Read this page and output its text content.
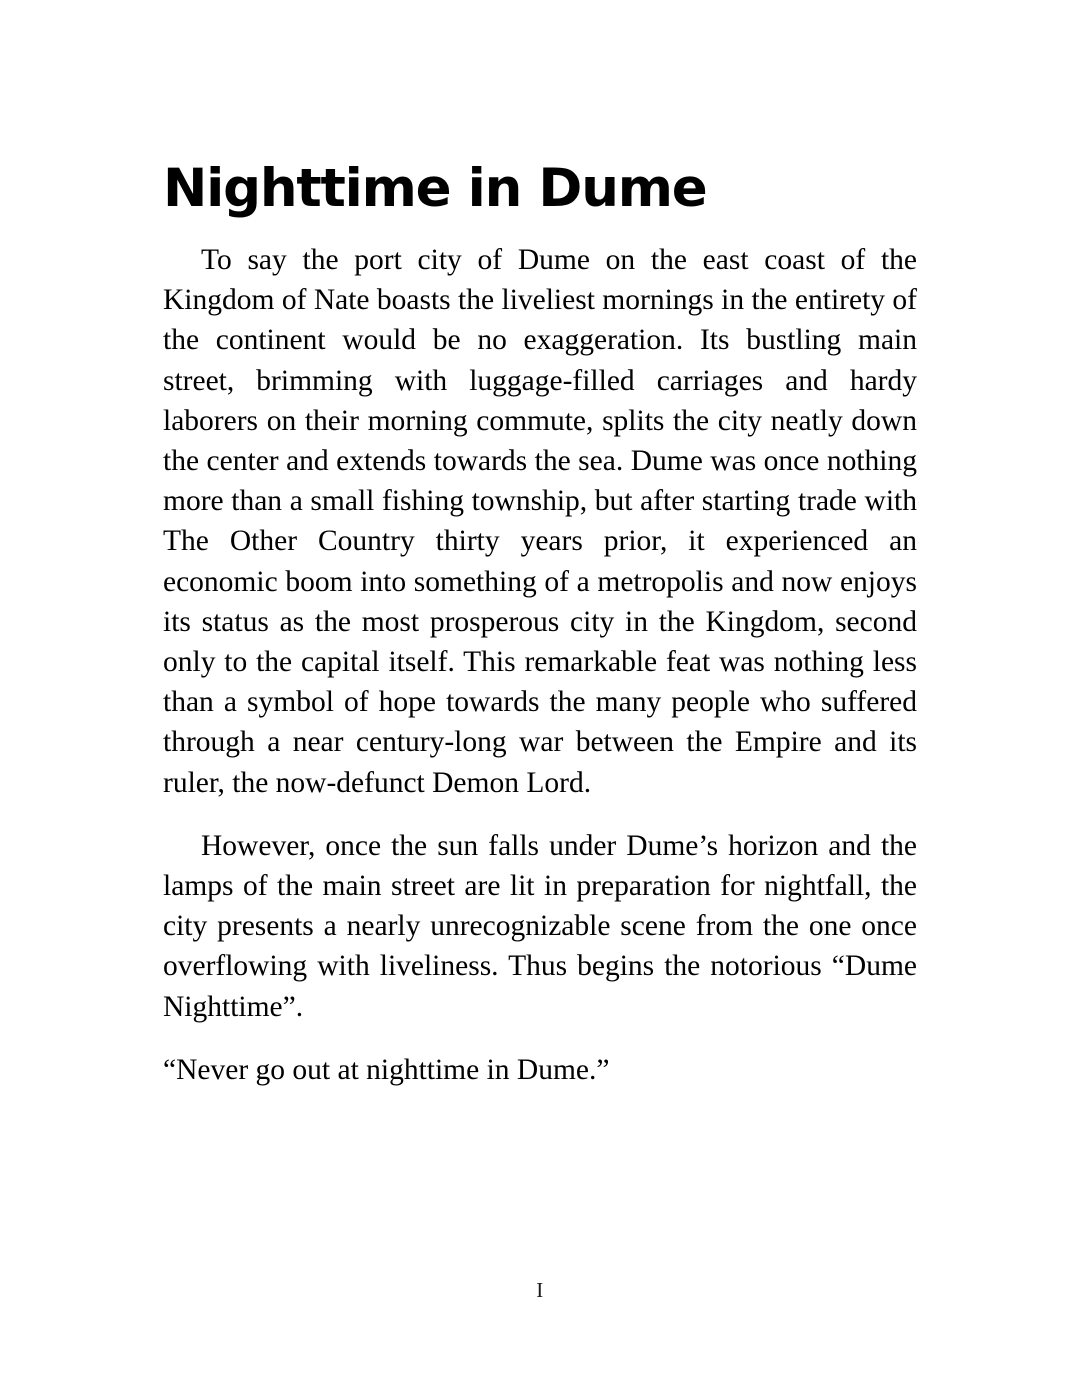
Nighttime in Dume

To say the port city of Dume on the east coast of the Kingdom of Nate boasts the liveliest mornings in the entirety of the continent would be no exaggeration. Its bustling main street, brimming with luggage-filled carriages and hardy laborers on their morning commute, splits the city neatly down the center and extends towards the sea. Dume was once nothing more than a small fishing township, but after starting trade with The Other Country thirty years prior, it experienced an economic boom into something of a metropolis and now enjoys its status as the most prosperous city in the Kingdom, second only to the capital itself. This remarkable feat was nothing less than a symbol of hope towards the many people who suffered through a near century-long war between the Empire and its ruler, the now-defunct Demon Lord.

However, once the sun falls under Dume’s horizon and the lamps of the main street are lit in preparation for nightfall, the city presents a nearly unrecognizable scene from the one once overflowing with liveliness. Thus begins the notorious “Dume Nighttime”.

“Never go out at nighttime in Dume.”

I
